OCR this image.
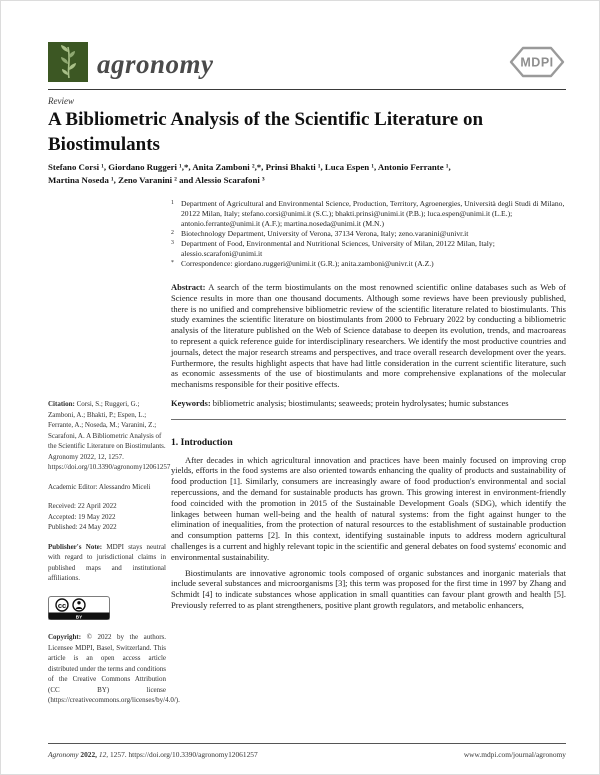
agronomy	MDPI
Review
A Bibliometric Analysis of the Scientific Literature on Biostimulants
Stefano Corsi ¹, Giordano Ruggeri ¹,*, Anita Zamboni ²,*, Prinsi Bhakti ¹, Luca Espen ¹, Antonio Ferrante ¹,
Martina Noseda ¹, Zeno Varanini ² and Alessio Scarafoni ³
1 Department of Agricultural and Environmental Science, Production, Territory, Agroenergies, Università degli Studi di Milano, 20122 Milan, Italy; stefano.corsi@unimi.it (S.C.); bhakti.prinsi@unimi.it (P.B.); luca.espen@unimi.it (L.E.); antonio.ferrante@unimi.it (A.F.); martina.noseda@unimi.it (M.N.)
2 Biotechnology Department, University of Verona, 37134 Verona, Italy; zeno.varanini@univr.it
3 Department of Food, Environmental and Nutritional Sciences, University of Milan, 20122 Milan, Italy; alessio.scarafoni@unimi.it
* Correspondence: giordano.ruggeri@unimi.it (G.R.); anita.zamboni@univr.it (A.Z.)
Abstract: A search of the term biostimulants on the most renowned scientific online databases such as Web of Science results in more than one thousand documents. Although some reviews have been previously published, there is no unified and comprehensive bibliometric review of the scientific literature related to biostimulants. This study examines the scientific literature on biostimulants from 2000 to February 2022 by conducting a bibliometric analysis of the literature published on the Web of Science database to deepen its evolution, trends, and macroareas to represent a quick reference guide for interdisciplinary researchers. We identify the most productive countries and journals, detect the major research streams and perspectives, and trace overall research development over the years. Furthermore, the results highlight aspects that have had little consideration in the current scientific literature, such as economic assessments of the use of biostimulants and more comprehensive explanations of the molecular mechanisms responsible for their positive effects.
Keywords: bibliometric analysis; biostimulants; seaweeds; protein hydrolysates; humic substances
1. Introduction
After decades in which agricultural innovation and practices have been mainly focused on improving crop yields, efforts in the food systems are also oriented towards enhancing the quality of products and sustainability of food production [1]. Similarly, consumers are increasingly aware of food production's environmental and social repercussions, and the demand for sustainable products has grown. This growing interest in environment-friendly food coincided with the promotion in 2015 of the Sustainable Development Goals (SDG), which identify the linkages between human well-being and the health of natural systems: from the fight against hunger to the elimination of inequalities, from the protection of natural resources to the establishment of sustainable production and consumption patterns [2]. In this context, identifying sustainable inputs to address modern agricultural challenges is a current and highly relevant topic in the scientific and general debates on food systems' economic and environmental sustainability.
Biostimulants are innovative agronomic tools composed of organic substances and inorganic materials that include several substances and microorganisms [3]; this term was proposed for the first time in 1997 by Zhang and Schmidt [4] to indicate substances whose application in small quantities can favour plant growth and health [5]. Previously referred to as plant strengtheners, positive plant growth regulators, and metabolic enhancers,
Citation: Corsi, S.; Ruggeri, G.; Zamboni, A.; Bhakti, P.; Espen, L.; Ferrante, A.; Noseda, M.; Varanini, Z.; Scarafoni, A. A Bibliometric Analysis of the Scientific Literature on Biostimulants. Agronomy 2022, 12, 1257. https://doi.org/10.3390/agronomy12061257
Academic Editor: Alessandro Miceli
Received: 22 April 2022
Accepted: 19 May 2022
Published: 24 May 2022
Publisher's Note: MDPI stays neutral with regard to jurisdictional claims in published maps and institutional affiliations.
cc
BY
Copyright: © 2022 by the authors. Licensee MDPI, Basel, Switzerland. This article is an open access article distributed under the terms and conditions of the Creative Commons Attribution (CC BY) license (https://creativecommons.org/licenses/by/4.0/).
Agronomy 2022, 12, 1257. https://doi.org/10.3390/agronomy12061257	www.mdpi.com/journal/agronomy
